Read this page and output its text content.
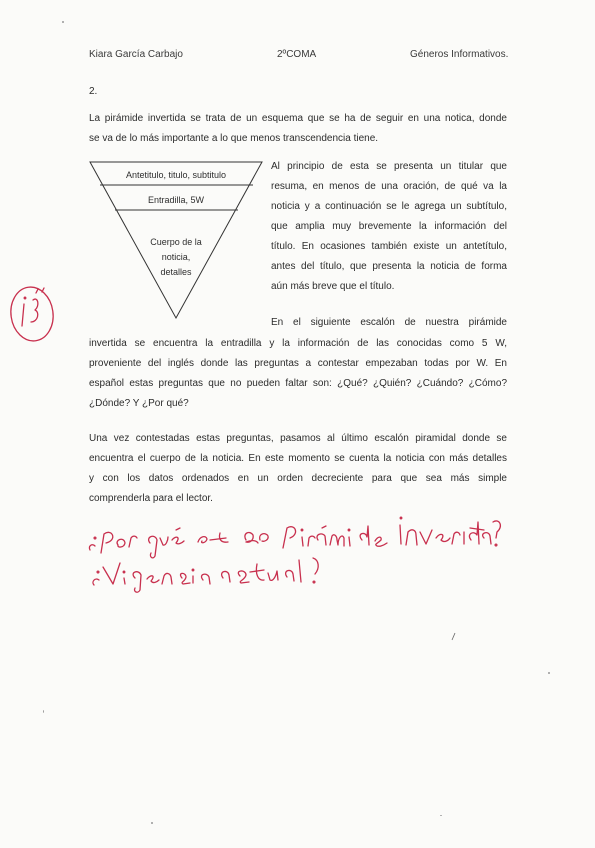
Kiara García Carbajo	2ºCOMA	Géneros Informativos.
2.
La pirámide invertida se trata de un esquema que se ha de seguir en una notica, donde
se va de lo más importante a lo que menos transcendencia tiene.
Antetitulo, titulo, subtitulo
Entradilla, 5W
Cuerpo de la
noticia,
detalles
Al principio de esta se presenta un titular que
resuma, en menos de una oración, de qué va la
noticia y a continuación se le agrega un subtítulo,
que amplia muy brevemente la información del
título. En ocasiones también existe un antetítulo,
antes del título, que presenta la noticia de forma
aún más breve que el título.
En el siguiente escalón de nuestra pirámide
invertida se encuentra la entradilla y la información de las conocidas como 5 W,
proveniente del inglés donde las preguntas a contestar empezaban todas por W. En
español estas preguntas que no pueden faltar son: ¿Qué? ¿Quién? ¿Cuándo? ¿Cómo?
¿Dónde? Y ¿Por qué?
Una vez contestadas estas preguntas, pasamos al último escalón piramidal donde se
encuentra el cuerpo de la noticia. En este momento se cuenta la noticia con más detalles
y con los datos ordenados en un orden decreciente para que sea más simple
comprenderla para el lector.
